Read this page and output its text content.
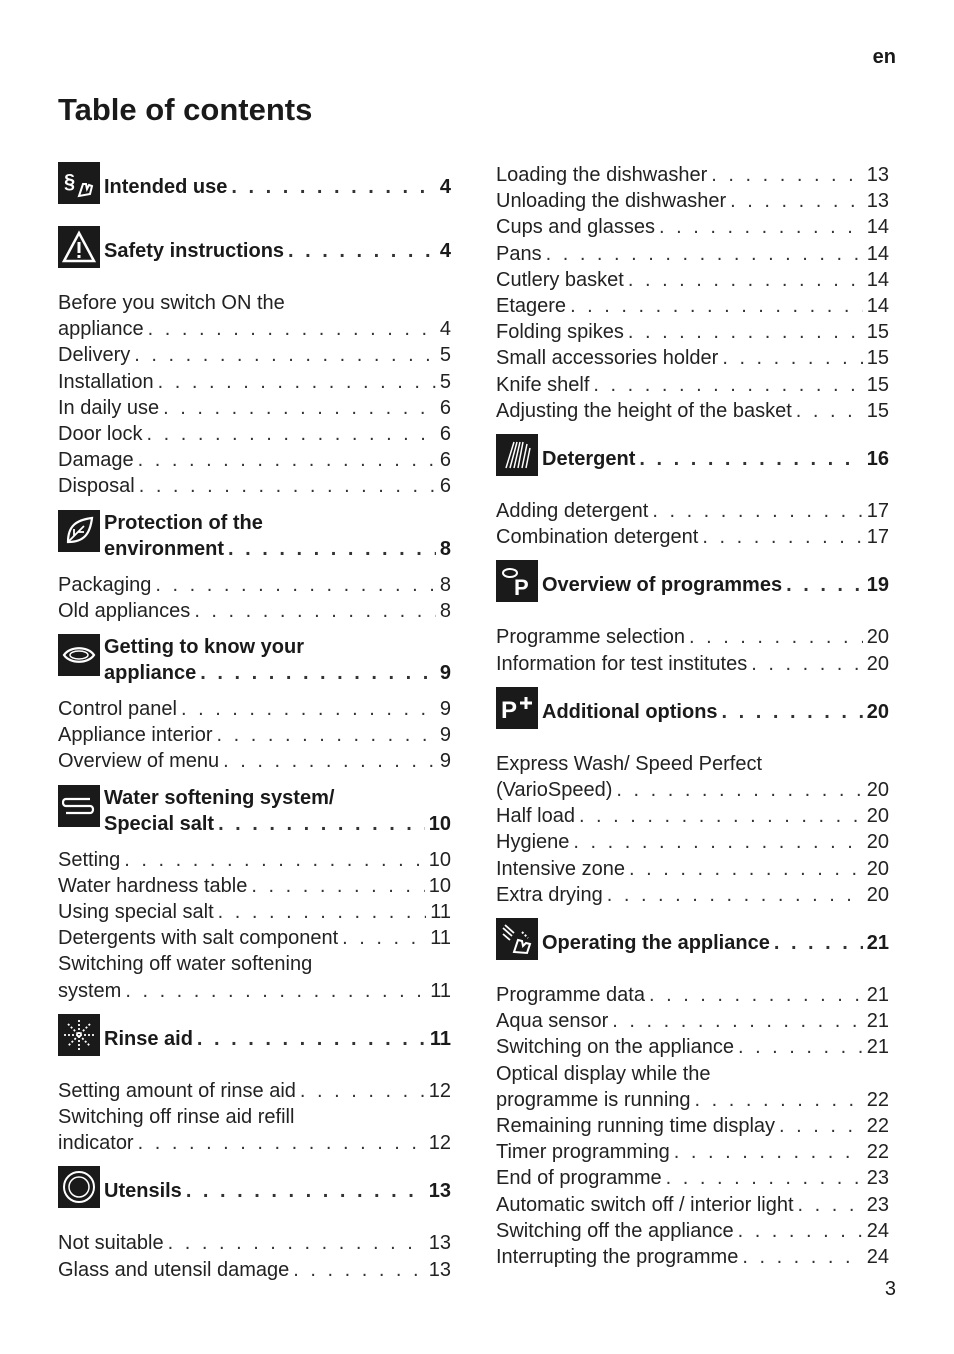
en
Table of contents
§ Intended use . . .	4
Safety instructions . . .	4
Before you switch ON the
appliance . . .	4
Delivery . . .	5
Installation . . .	5
In daily use . . .	6
Door lock . . .	6
Damage . . .	6
Disposal . . .	6
Protection of the
environment . . .	8
Packaging . . .	8
Old appliances . . .	8
Getting to know your
appliance . . .	9
Control panel . . .	9
Appliance interior . . .	9
Overview of menu . . .	9
Water softening system/
Special salt . . .	10
Setting . . .	10
Water hardness table . . .	10
Using special salt . . .	11
Detergents with salt component . . .	11
Switching off water softening
system . . .	11
Rinse aid . . .	11
Setting amount of rinse aid . . .	12
Switching off rinse aid refill
indicator . . .	12
Utensils . . .	13
Not suitable . . .	13
Glass and utensil damage . . .	13
Loading the dishwasher . . .	13
Unloading the dishwasher . . .	13
Cups and glasses . . .	14
Pans . . .	14
Cutlery basket . . .	14
Etagere . . .	14
Folding spikes . . .	15
Small accessories holder . . .	15
Knife shelf . . .	15
Adjusting the height of the basket . . .	15
Detergent . . .	16
Adding detergent . . .	17
Combination detergent . . .	17
P Overview of programmes . . .	19
Programme selection . . .	20
Information for test institutes . . .	20
P Additional options . . .	20
Express Wash/ Speed Perfect
(VarioSpeed) . . .	20
Half load . . .	20
Hygiene . . .	20
Intensive zone . . .	20
Extra drying . . .	20
Operating the appliance . . .	21
Programme data . . .	21
Aqua sensor . . .	21
Switching on the appliance . . .	21
Optical display while the
programme is running . . .	22
Remaining running time display . . .	22
Timer programming . . .	22
End of programme . . .	23
Automatic switch off / interior light . . .	23
Switching off the appliance . . .	24
Interrupting the programme . . .	24
3
